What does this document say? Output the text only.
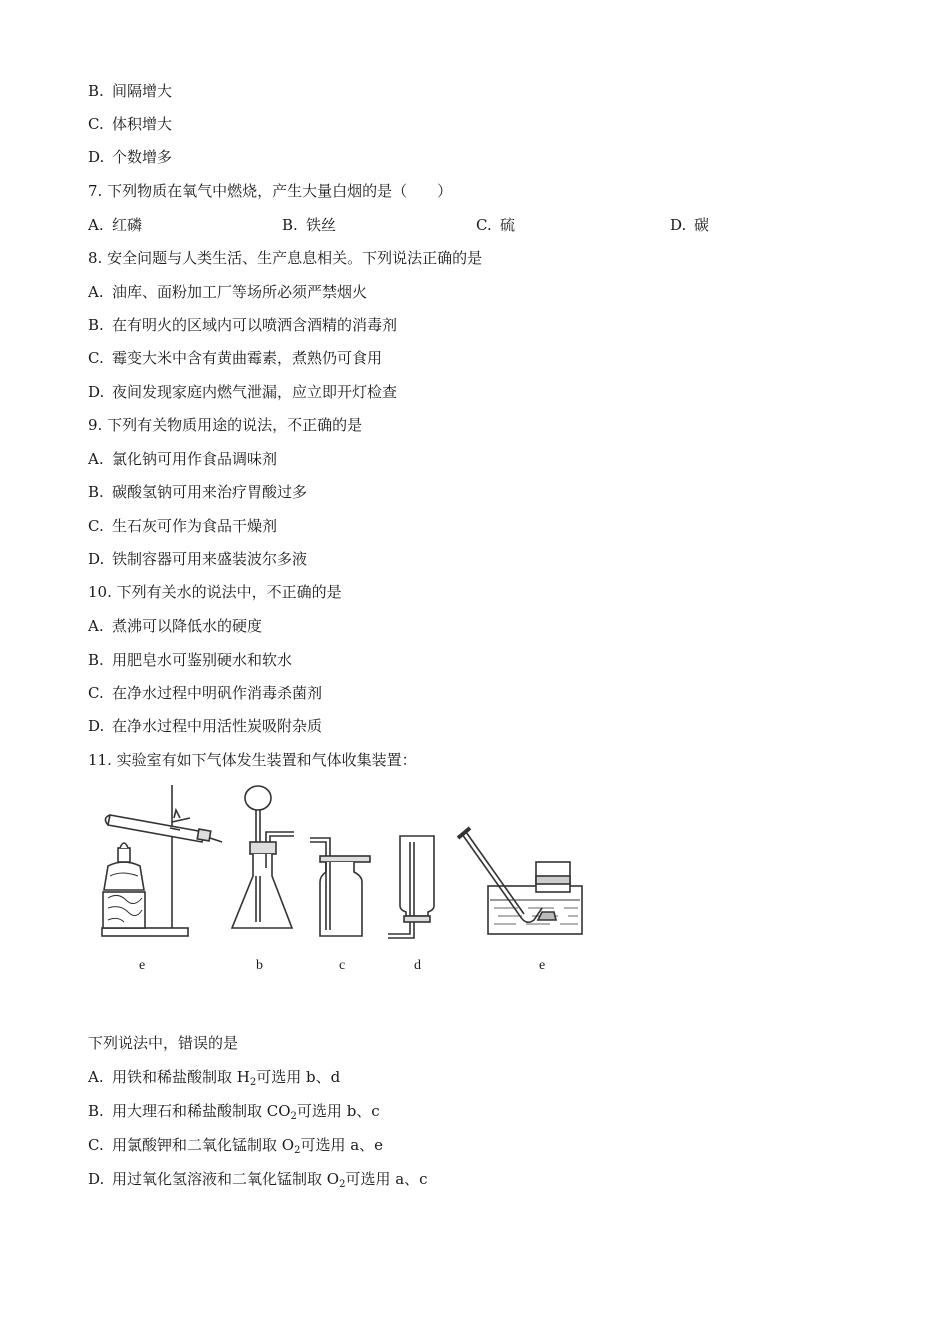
B. 间隔增大
C. 体积增大
D. 个数增多
7. 下列物质在氧气中燃烧，产生大量白烟的是（　　）
A. 红磷	B. 铁丝	C. 硫	D. 碳
8. 安全问题与人类生活、生产息息相关。下列说法正确的是
A. 油库、面粉加工厂等场所必须严禁烟火
B. 在有明火的区域内可以喷洒含酒精的消毒剂
C. 霉变大米中含有黄曲霉素，煮熟仍可食用
D. 夜间发现家庭内燃气泄漏，应立即开灯检查
9. 下列有关物质用途的说法，不正确的是
A. 氯化钠可用作食品调味剂
B. 碳酸氢钠可用来治疗胃酸过多
C. 生石灰可作为食品干燥剂
D. 铁制容器可用来盛装波尔多液
10. 下列有关水的说法中，不正确的是
A. 煮沸可以降低水的硬度
B. 用肥皂水可鉴别硬水和软水
C. 在净水过程中明矾作消毒杀菌剂
D. 在净水过程中用活性炭吸附杂质
11. 实验室有如下气体发生装置和气体收集装置：
e	b	c	d	e
下列说法中，错误的是
A. 用铁和稀盐酸制取 $H_2$可选用 b、d
B. 用大理石和稀盐酸制取 $CO_2$可选用 b、c
C. 用氯酸钾和二氧化锰制取 $O_2$可选用 a、e
D. 用过氧化氢溶液和二氧化锰制取 $O_2$可选用 a、c
